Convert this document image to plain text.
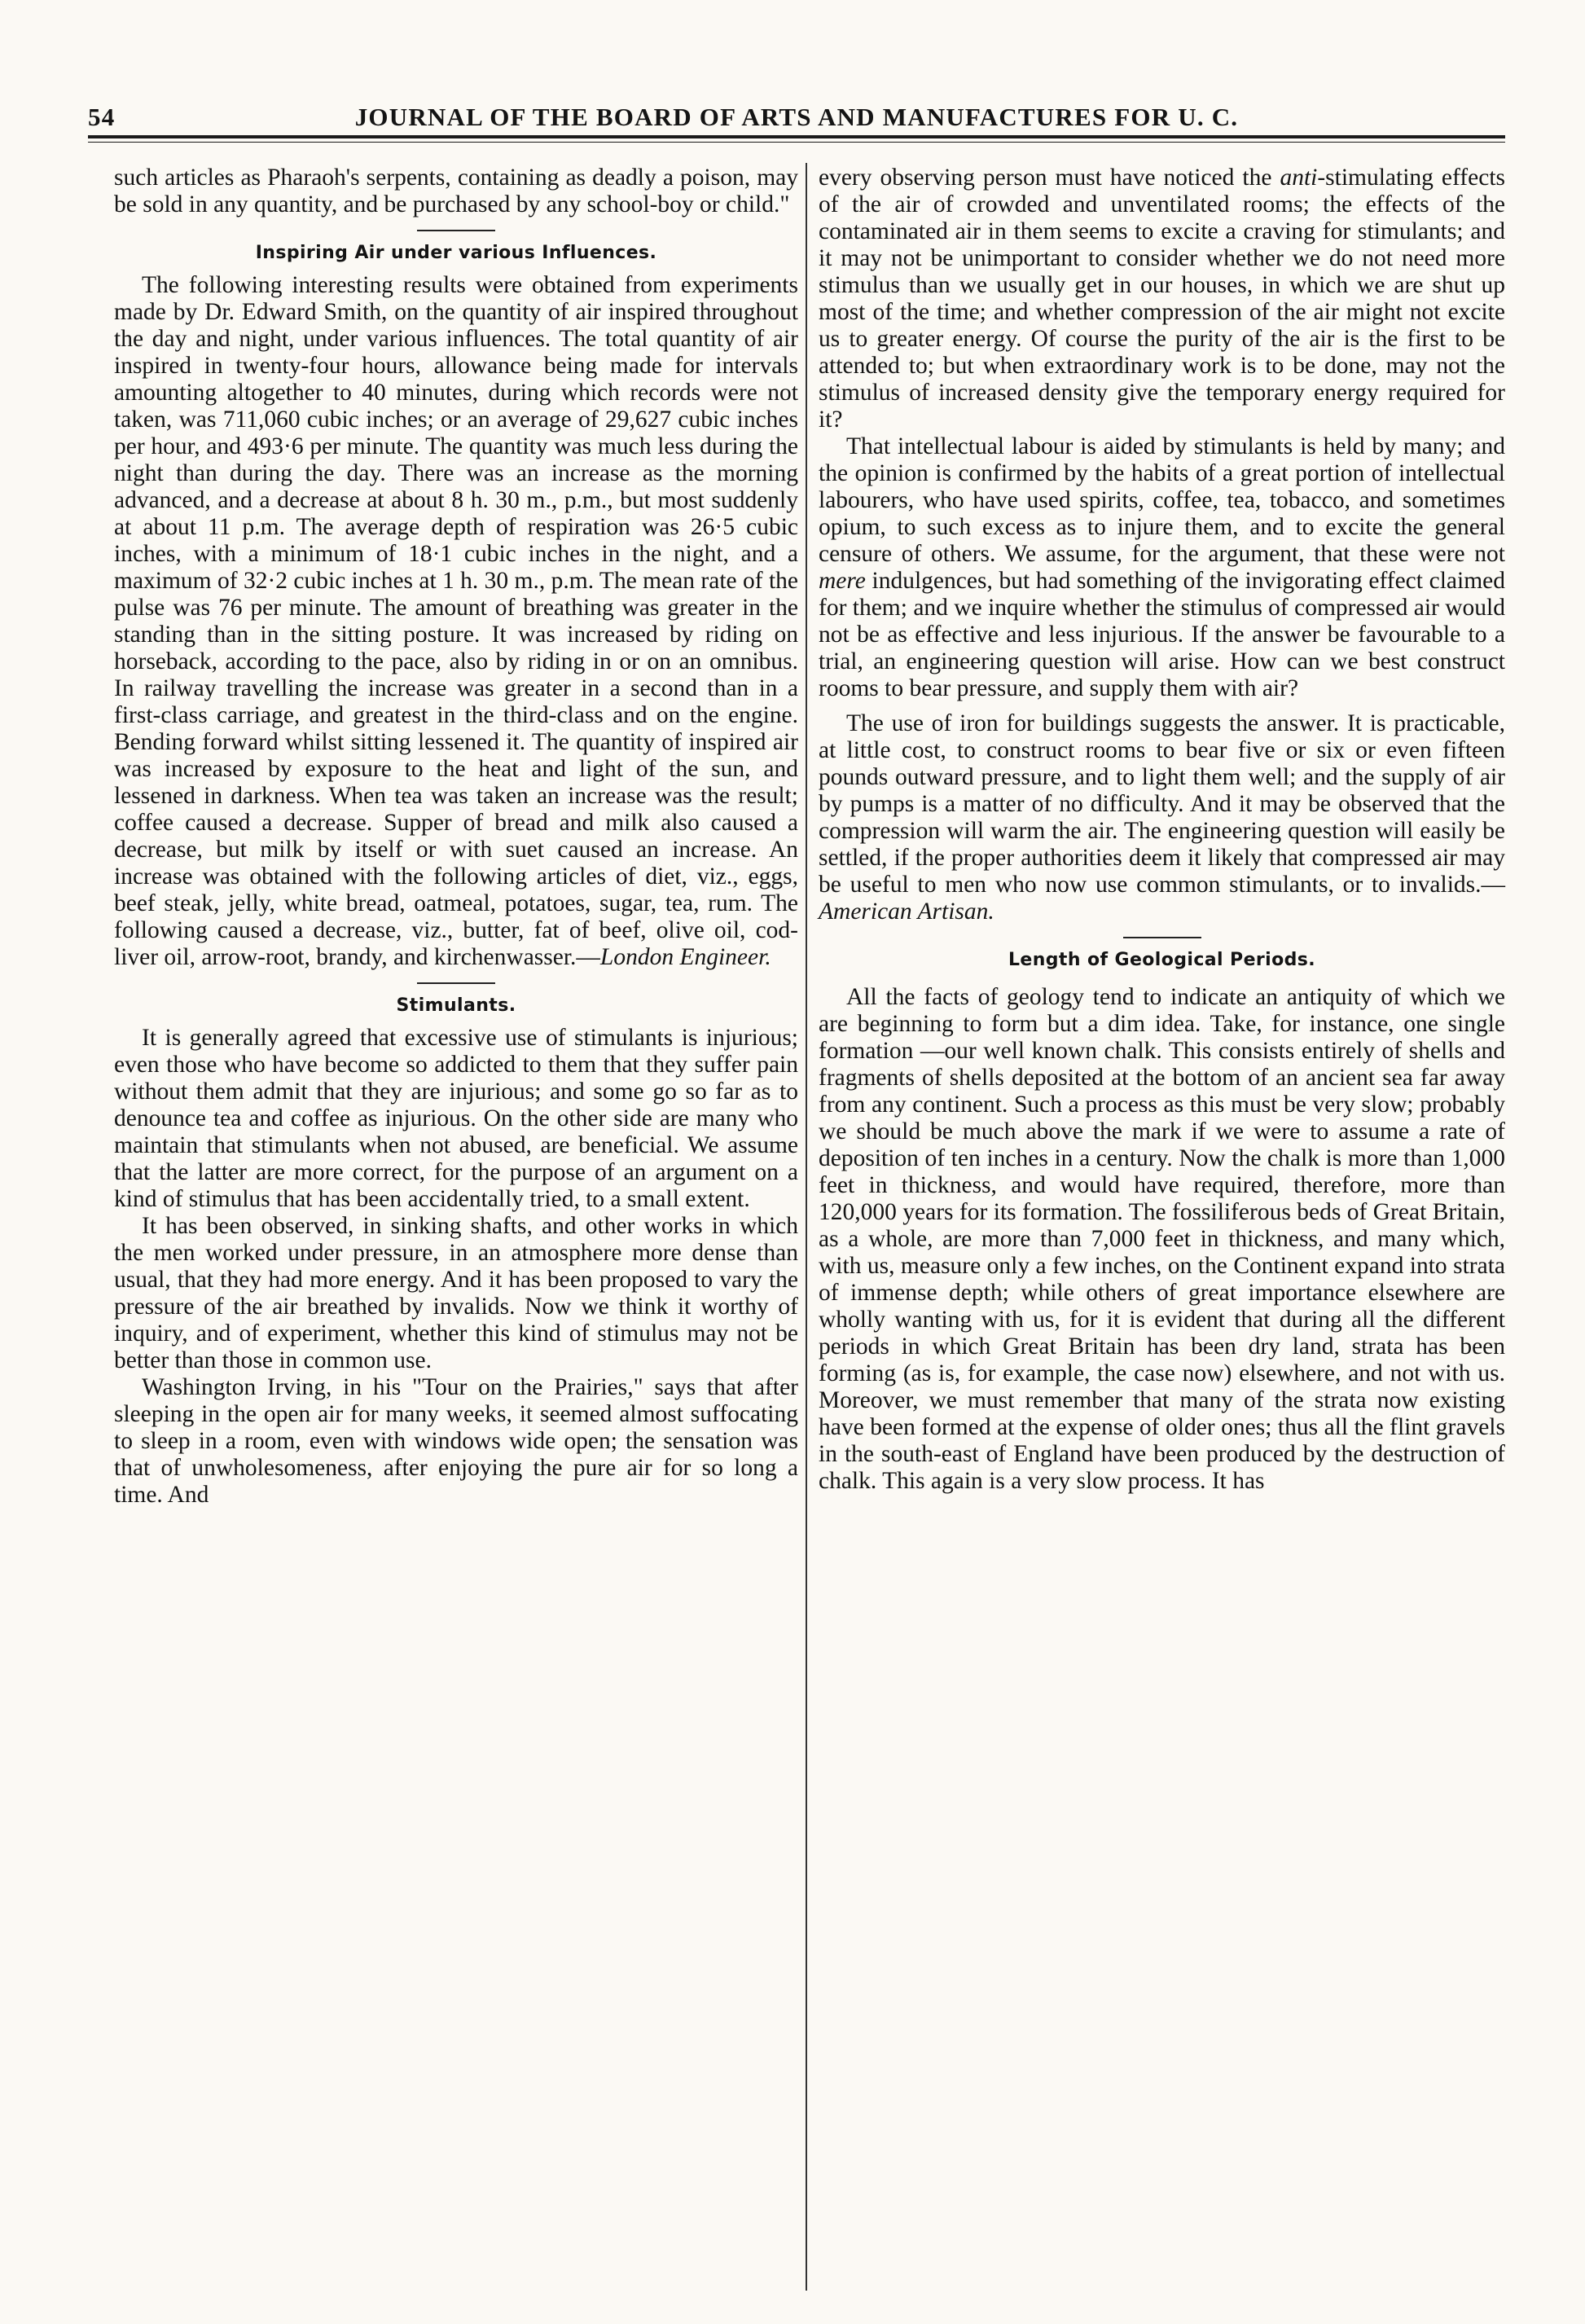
54	JOURNAL OF THE BOARD OF ARTS AND MANUFACTURES FOR U. C.

such articles as Pharaoh's serpents, containing as deadly a poison, may be sold in any quantity, and be purchased by any school-boy or child."

Inspiring Air under various Influences.

The following interesting results were obtained from experiments made by Dr. Edward Smith, on the quantity of air inspired throughout the day and night, under various influences. The total quantity of air inspired in twenty-four hours, allowance being made for intervals amounting altogether to 40 minutes, during which records were not taken, was 711,060 cubic inches; or an average of 29,627 cubic inches per hour, and 493·6 per minute. The quantity was much less during the night than during the day. There was an increase as the morning advanced, and a decrease at about 8 h. 30 m., p.m., but most suddenly at about 11 p.m. The average depth of respiration was 26·5 cubic inches, with a minimum of 18·1 cubic inches in the night, and a maximum of 32·2 cubic inches at 1 h. 30 m., p.m. The mean rate of the pulse was 76 per minute. The amount of breathing was greater in the standing than in the sitting posture. It was increased by riding on horseback, according to the pace, also by riding in or on an omnibus. In railway travelling the increase was greater in a second than in a first-class carriage, and greatest in the third-class and on the engine. Bending forward whilst sitting lessened it. The quantity of inspired air was increased by exposure to the heat and light of the sun, and lessened in darkness. When tea was taken an increase was the result; coffee caused a decrease. Supper of bread and milk also caused a decrease, but milk by itself or with suet caused an increase. An increase was obtained with the following articles of diet, viz., eggs, beef steak, jelly, white bread, oatmeal, potatoes, sugar, tea, rum. The following caused a decrease, viz., butter, fat of beef, olive oil, cod-liver oil, arrow-root, brandy, and kirchenwasser.—London Engineer.

Stimulants.

It is generally agreed that excessive use of stimulants is injurious; even those who have become so addicted to them that they suffer pain without them admit that they are injurious; and some go so far as to denounce tea and coffee as injurious. On the other side are many who maintain that stimulants when not abused, are beneficial. We assume that the latter are more correct, for the purpose of an argument on a kind of stimulus that has been accidentally tried, to a small extent.

It has been observed, in sinking shafts, and other works in which the men worked under pressure, in an atmosphere more dense than usual, that they had more energy. And it has been proposed to vary the pressure of the air breathed by invalids. Now we think it worthy of inquiry, and of experiment, whether this kind of stimulus may not be better than those in common use.

Washington Irving, in his "Tour on the Prairies," says that after sleeping in the open air for many weeks, it seemed almost suffocating to sleep in a room, even with windows wide open; the sensation was that of unwholesomeness, after enjoying the pure air for so long a time. And

every observing person must have noticed the anti-stimulating effects of the air of crowded and unventilated rooms; the effects of the contaminated air in them seems to excite a craving for stimulants; and it may not be unimportant to consider whether we do not need more stimulus than we usually get in our houses, in which we are shut up most of the time; and whether compression of the air might not excite us to greater energy. Of course the purity of the air is the first to be attended to; but when extraordinary work is to be done, may not the stimulus of increased density give the temporary energy required for it?

That intellectual labour is aided by stimulants is held by many; and the opinion is confirmed by the habits of a great portion of intellectual labourers, who have used spirits, coffee, tea, tobacco, and sometimes opium, to such excess as to injure them, and to excite the general censure of others. We assume, for the argument, that these were not mere indulgences, but had something of the invigorating effect claimed for them; and we inquire whether the stimulus of compressed air would not be as effective and less injurious. If the answer be favourable to a trial, an engineering question will arise. How can we best construct rooms to bear pressure, and supply them with air?

The use of iron for buildings suggests the answer. It is practicable, at little cost, to construct rooms to bear five or six or even fifteen pounds outward pressure, and to light them well; and the supply of air by pumps is a matter of no difficulty. And it may be observed that the compression will warm the air. The engineering question will easily be settled, if the proper authorities deem it likely that compressed air may be useful to men who now use common stimulants, or to invalids.—American Artisan.

Length of Geological Periods.

All the facts of geology tend to indicate an antiquity of which we are beginning to form but a dim idea. Take, for instance, one single formation —our well known chalk. This consists entirely of shells and fragments of shells deposited at the bottom of an ancient sea far away from any continent. Such a process as this must be very slow; probably we should be much above the mark if we were to assume a rate of deposition of ten inches in a century. Now the chalk is more than 1,000 feet in thickness, and would have required, therefore, more than 120,000 years for its formation. The fossiliferous beds of Great Britain, as a whole, are more than 7,000 feet in thickness, and many which, with us, measure only a few inches, on the Continent expand into strata of immense depth; while others of great importance elsewhere are wholly wanting with us, for it is evident that during all the different periods in which Great Britain has been dry land, strata has been forming (as is, for example, the case now) elsewhere, and not with us. Moreover, we must remember that many of the strata now existing have been formed at the expense of older ones; thus all the flint gravels in the south-east of England have been produced by the destruction of chalk. This again is a very slow process. It has
